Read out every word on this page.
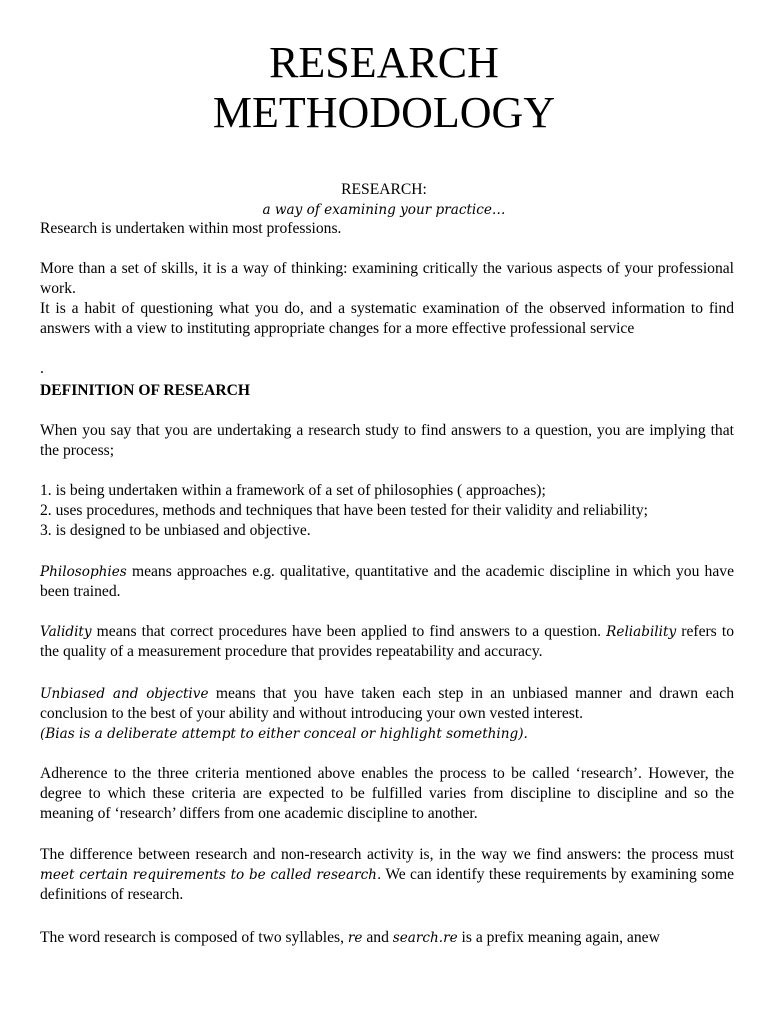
RESEARCH
METHODOLOGY
RESEARCH:
a way of examining your practice…
Research is undertaken within most professions.
More than a set of skills, it is a way of thinking: examining critically the various aspects of your professional work.
It is a habit of questioning what you do, and a systematic examination of the observed information to find answers with a view to instituting appropriate changes for a more effective professional service
.
DEFINITION OF RESEARCH
When you say that you are undertaking a research study to find answers to a question, you are implying that the process;
1. is being undertaken within a framework of a set of philosophies ( approaches);
2. uses procedures, methods and techniques that have been tested for their validity and reliability;
3. is designed to be unbiased and objective.
Philosophies means approaches e.g. qualitative, quantitative and the academic discipline in which you have been trained.
Validity means that correct procedures have been applied to find answers to a question. Reliability refers to the quality of a measurement procedure that provides repeatability and accuracy.
Unbiased and objective means that you have taken each step in an unbiased manner and drawn each conclusion to the best of your ability and without introducing your own vested interest.
(Bias is a deliberate attempt to either conceal or highlight something).
Adherence to the three criteria mentioned above enables the process to be called ‘research’. However, the degree to which these criteria are expected to be fulfilled varies from discipline to discipline and so the meaning of ‘research’ differs from one academic discipline to another.
The difference between research and non-research activity is, in the way we find answers: the process must meet certain requirements to be called research. We can identify these requirements by examining some definitions of research.
The word research is composed of two syllables, re and search.re is a prefix meaning again, anew
